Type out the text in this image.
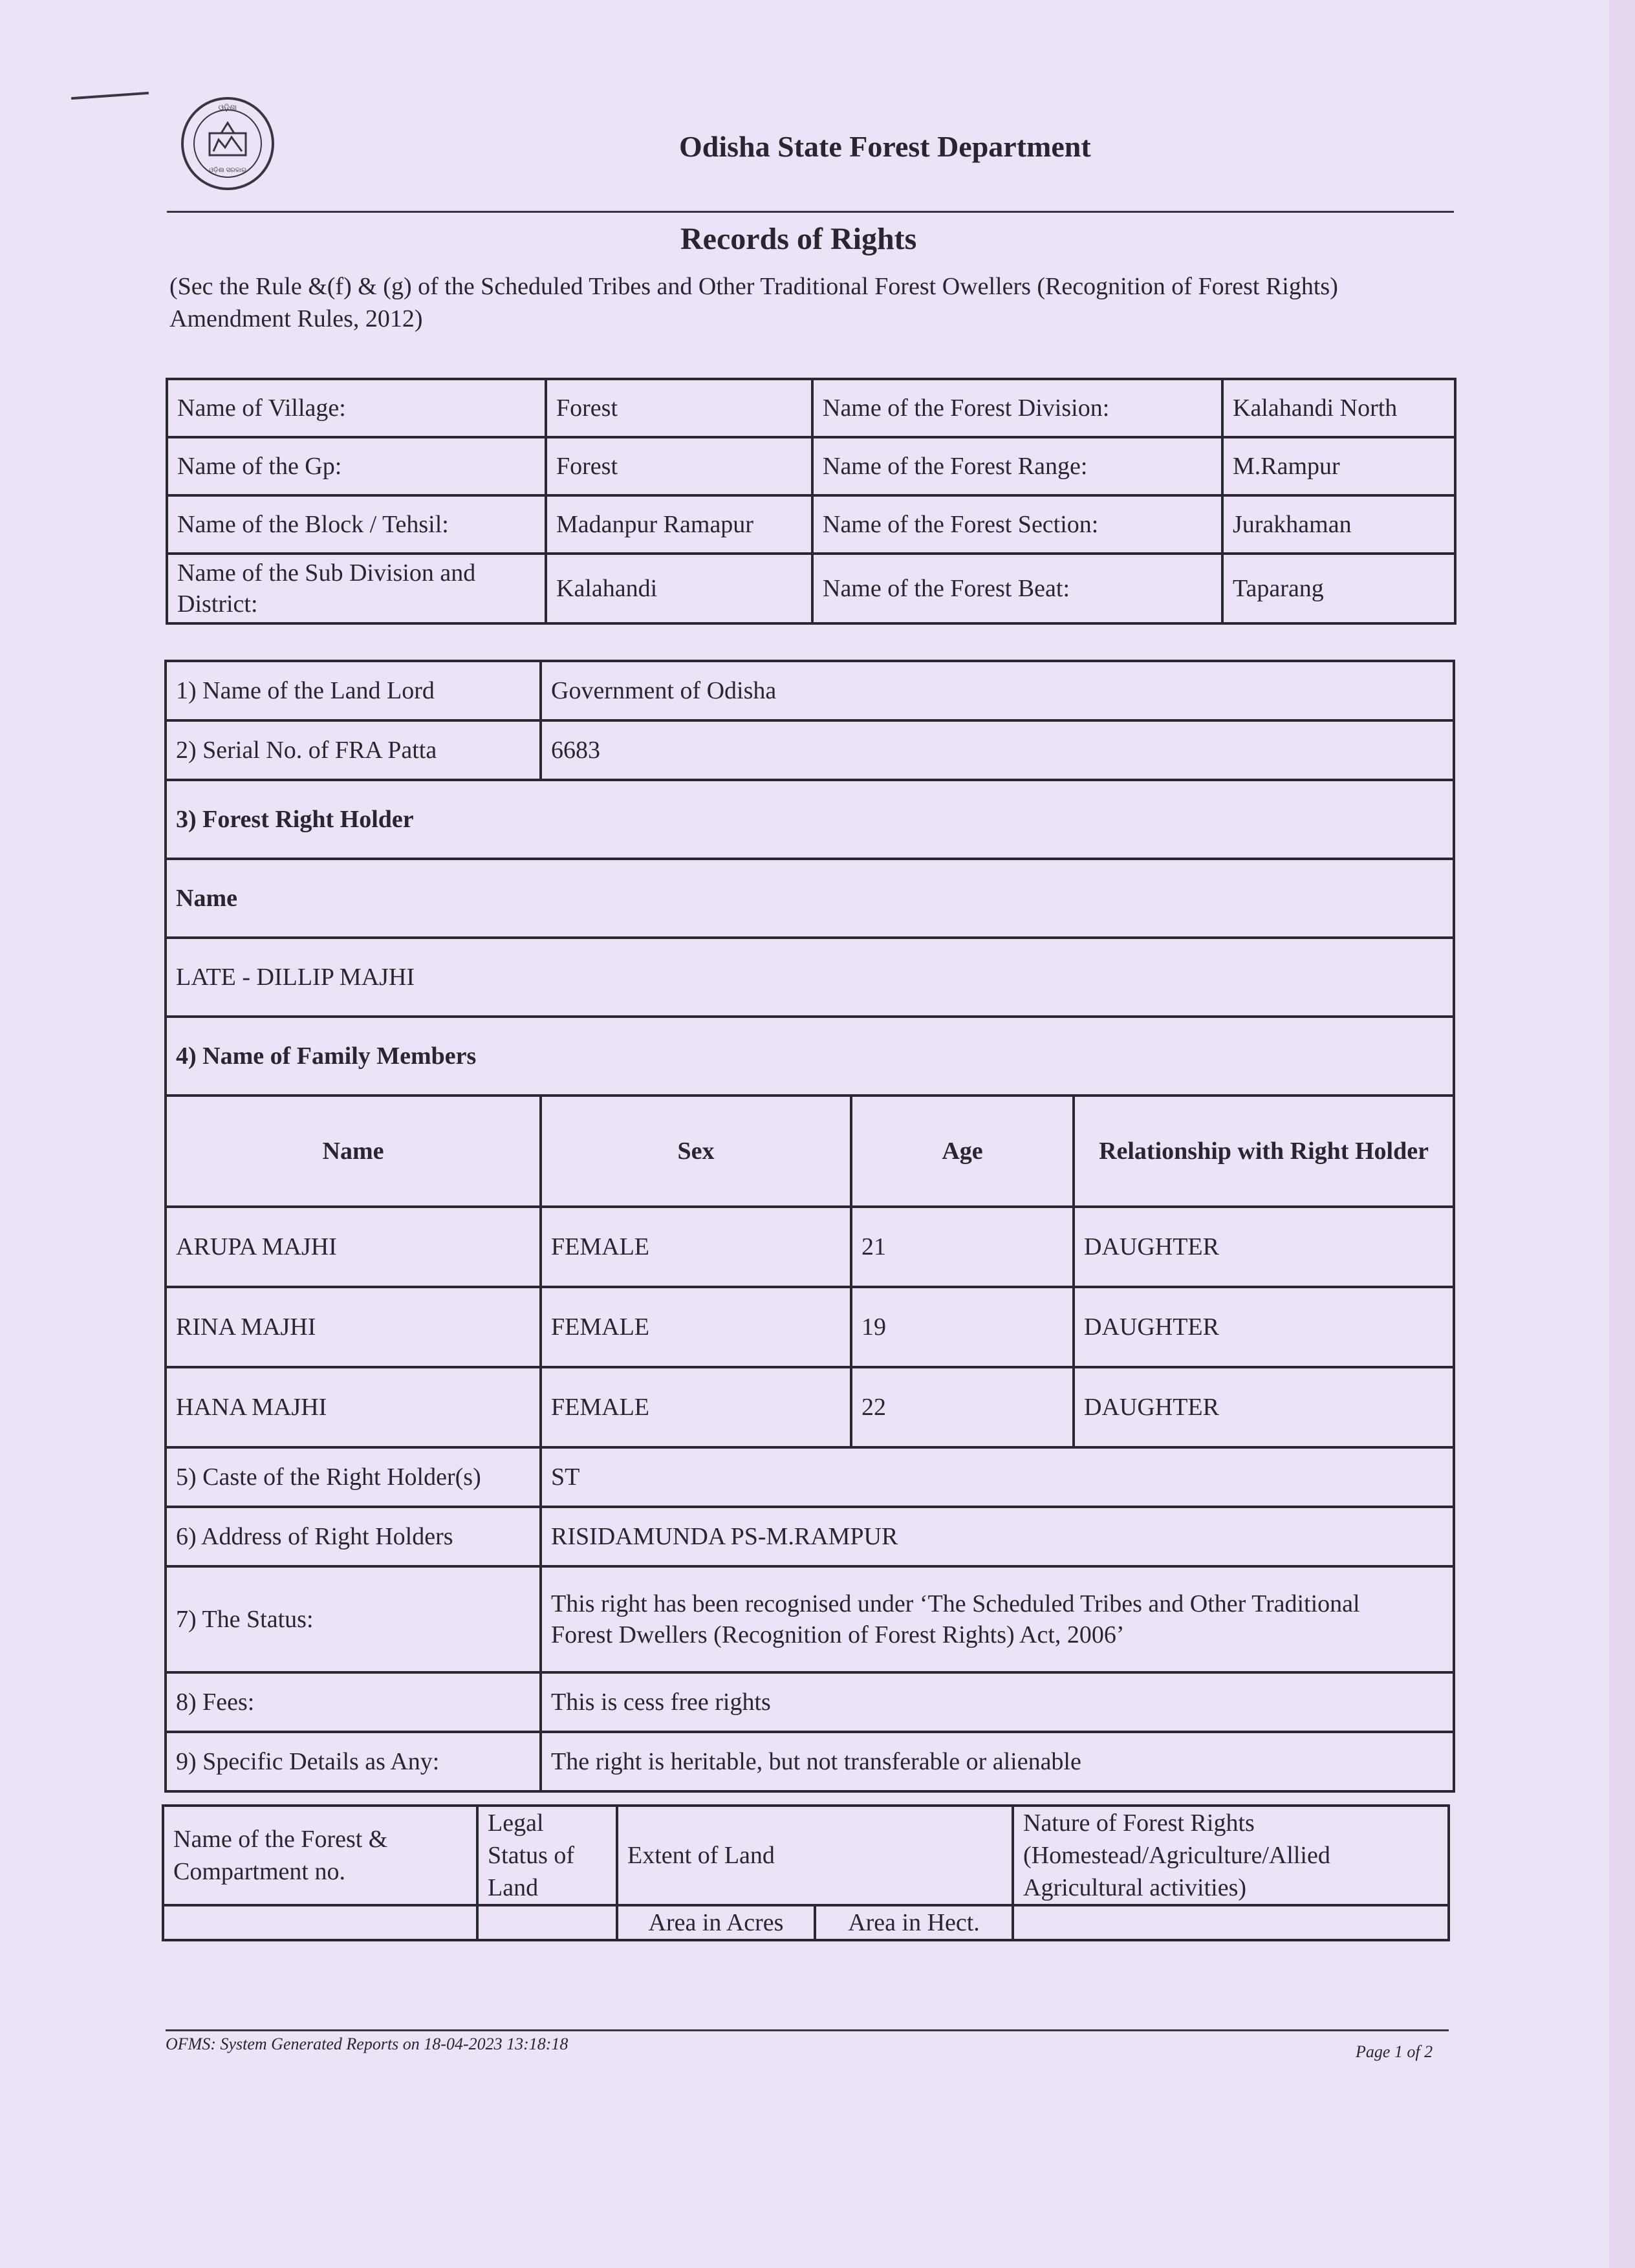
ଓଡ଼ିଶା
ଓଡ଼ିଶା ସରକାର
Odisha State Forest Department
Records of Rights
(Sec the Rule &(f) & (g) of the Scheduled Tribes and Other Traditional Forest Owellers (Recognition of Forest Rights) Amendment Rules, 2012)
Name of Village:	Forest	Name of the Forest Division:	Kalahandi North
Name of the Gp:	Forest	Name of the Forest Range:	M.Rampur
Name of the Block / Tehsil:	Madanpur Ramapur	Name of the Forest Section:	Jurakhaman
Name of the Sub Division and District:	Kalahandi	Name of the Forest Beat:	Taparang
1) Name of the Land Lord	Government of Odisha		
2) Serial No. of FRA Patta	6683		
3) Forest Right Holder			
Name			
LATE - DILLIP MAJHI			
4) Name of Family Members			
Name	Sex	Age	Relationship with Right Holder
ARUPA MAJHI	FEMALE	21	DAUGHTER
RINA MAJHI	FEMALE	19	DAUGHTER
HANA MAJHI	FEMALE	22	DAUGHTER
5) Caste of the Right Holder(s)	ST		
6) Address of Right Holders	RISIDAMUNDA PS-M.RAMPUR		
7) The Status:	This right has been recognised under ‘The Scheduled Tribes and Other Traditional
Forest Dwellers (Recognition of Forest Rights) Act, 2006’		

8) Fees:	This is cess free rights		
9) Specific Details as Any:	The right is heritable, but not transferable or alienable		
Name of the Forest & Compartment no.	Legal Status of Land	Extent of Land		Nature of Forest Rights (Homestead/Agriculture/Allied Agricultural activities)
		Area in Acres	Area in Hect.	
OFMS: System Generated Reports on 18-04-2023 13:18:18	Page 1 of 2
